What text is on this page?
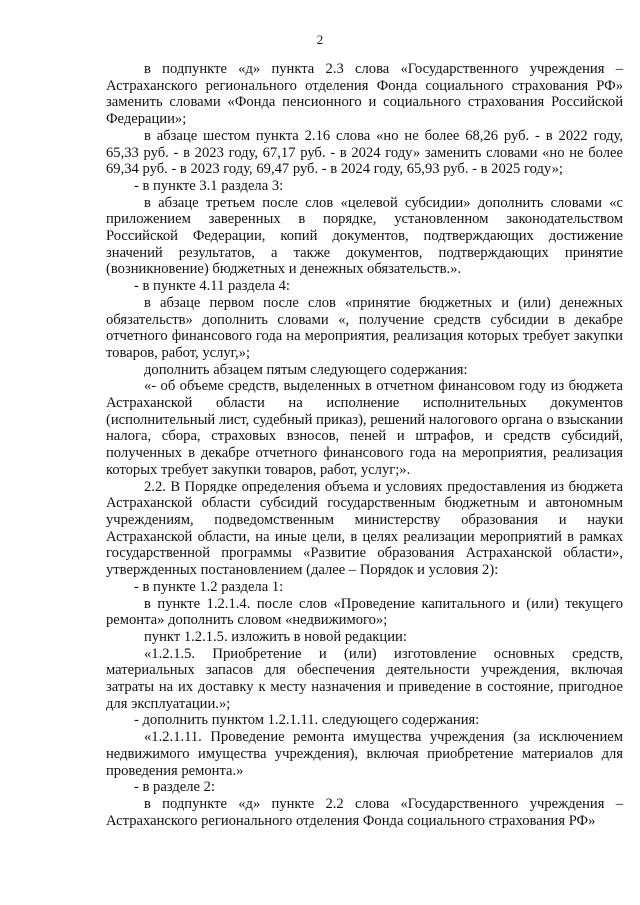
2

в подпункте «д» пункта 2.3 слова «Государственного учреждения – Астраханского регионального отделения Фонда социального страхования РФ» заменить словами «Фонда пенсионного и социального страхования Российской Федерации»;

в абзаце шестом пункта 2.16 слова «но не более 68,26 руб. - в 2022 году, 65,33 руб. - в 2023 году, 67,17 руб. - в 2024 году» заменить словами «но не более 69,34 руб. - в 2023 году, 69,47 руб. - в 2024 году, 65,93 руб. - в 2025 году»;

- в пункте 3.1 раздела 3:

в абзаце третьем после слов «целевой субсидии» дополнить словами «с приложением заверенных в порядке, установленном законодательством Российской Федерации, копий документов, подтверждающих достижение значений результатов, а также документов, подтверждающих принятие (возникновение) бюджетных и денежных обязательств.».

- в пункте 4.11 раздела 4:

в абзаце первом после слов «принятие бюджетных и (или) денежных обязательств» дополнить словами «, получение средств субсидии в декабре отчетного финансового года на мероприятия, реализация которых требует закупки товаров, работ, услуг,»;

дополнить абзацем пятым следующего содержания:

«- об объеме средств, выделенных в отчетном финансовом году из бюджета Астраханской области на исполнение исполнительных документов (исполнительный лист, судебный приказ), решений налогового органа о взыскании налога, сбора, страховых взносов, пеней и штрафов, и средств субсидий, полученных в декабре отчетного финансового года на мероприятия, реализация которых требует закупки товаров, работ, услуг;».

2.2. В Порядке определения объема и условиях предоставления из бюджета Астраханской области субсидий государственным бюджетным и автономным учреждениям, подведомственным министерству образования и науки Астраханской области, на иные цели, в целях реализации мероприятий в рамках государственной программы «Развитие образования Астраханской области», утвержденных постановлением (далее – Порядок и условия 2):

- в пункте 1.2 раздела 1:

в пункте 1.2.1.4. после слов «Проведение капитального и (или) текущего ремонта» дополнить словом «недвижимого»;

пункт 1.2.1.5. изложить в новой редакции:

«1.2.1.5. Приобретение и (или) изготовление основных средств, материальных запасов для обеспечения деятельности учреждения, включая затраты на их доставку к месту назначения и приведение в состояние, пригодное для эксплуатации.»;

- дополнить пунктом 1.2.1.11. следующего содержания:

«1.2.1.11. Проведение ремонта имущества учреждения (за исключением недвижимого имущества учреждения), включая приобретение материалов для проведения ремонта.»

- в разделе 2:

в подпункте «д» пункте 2.2 слова «Государственного учреждения – Астраханского регионального отделения Фонда социального страхования РФ»
